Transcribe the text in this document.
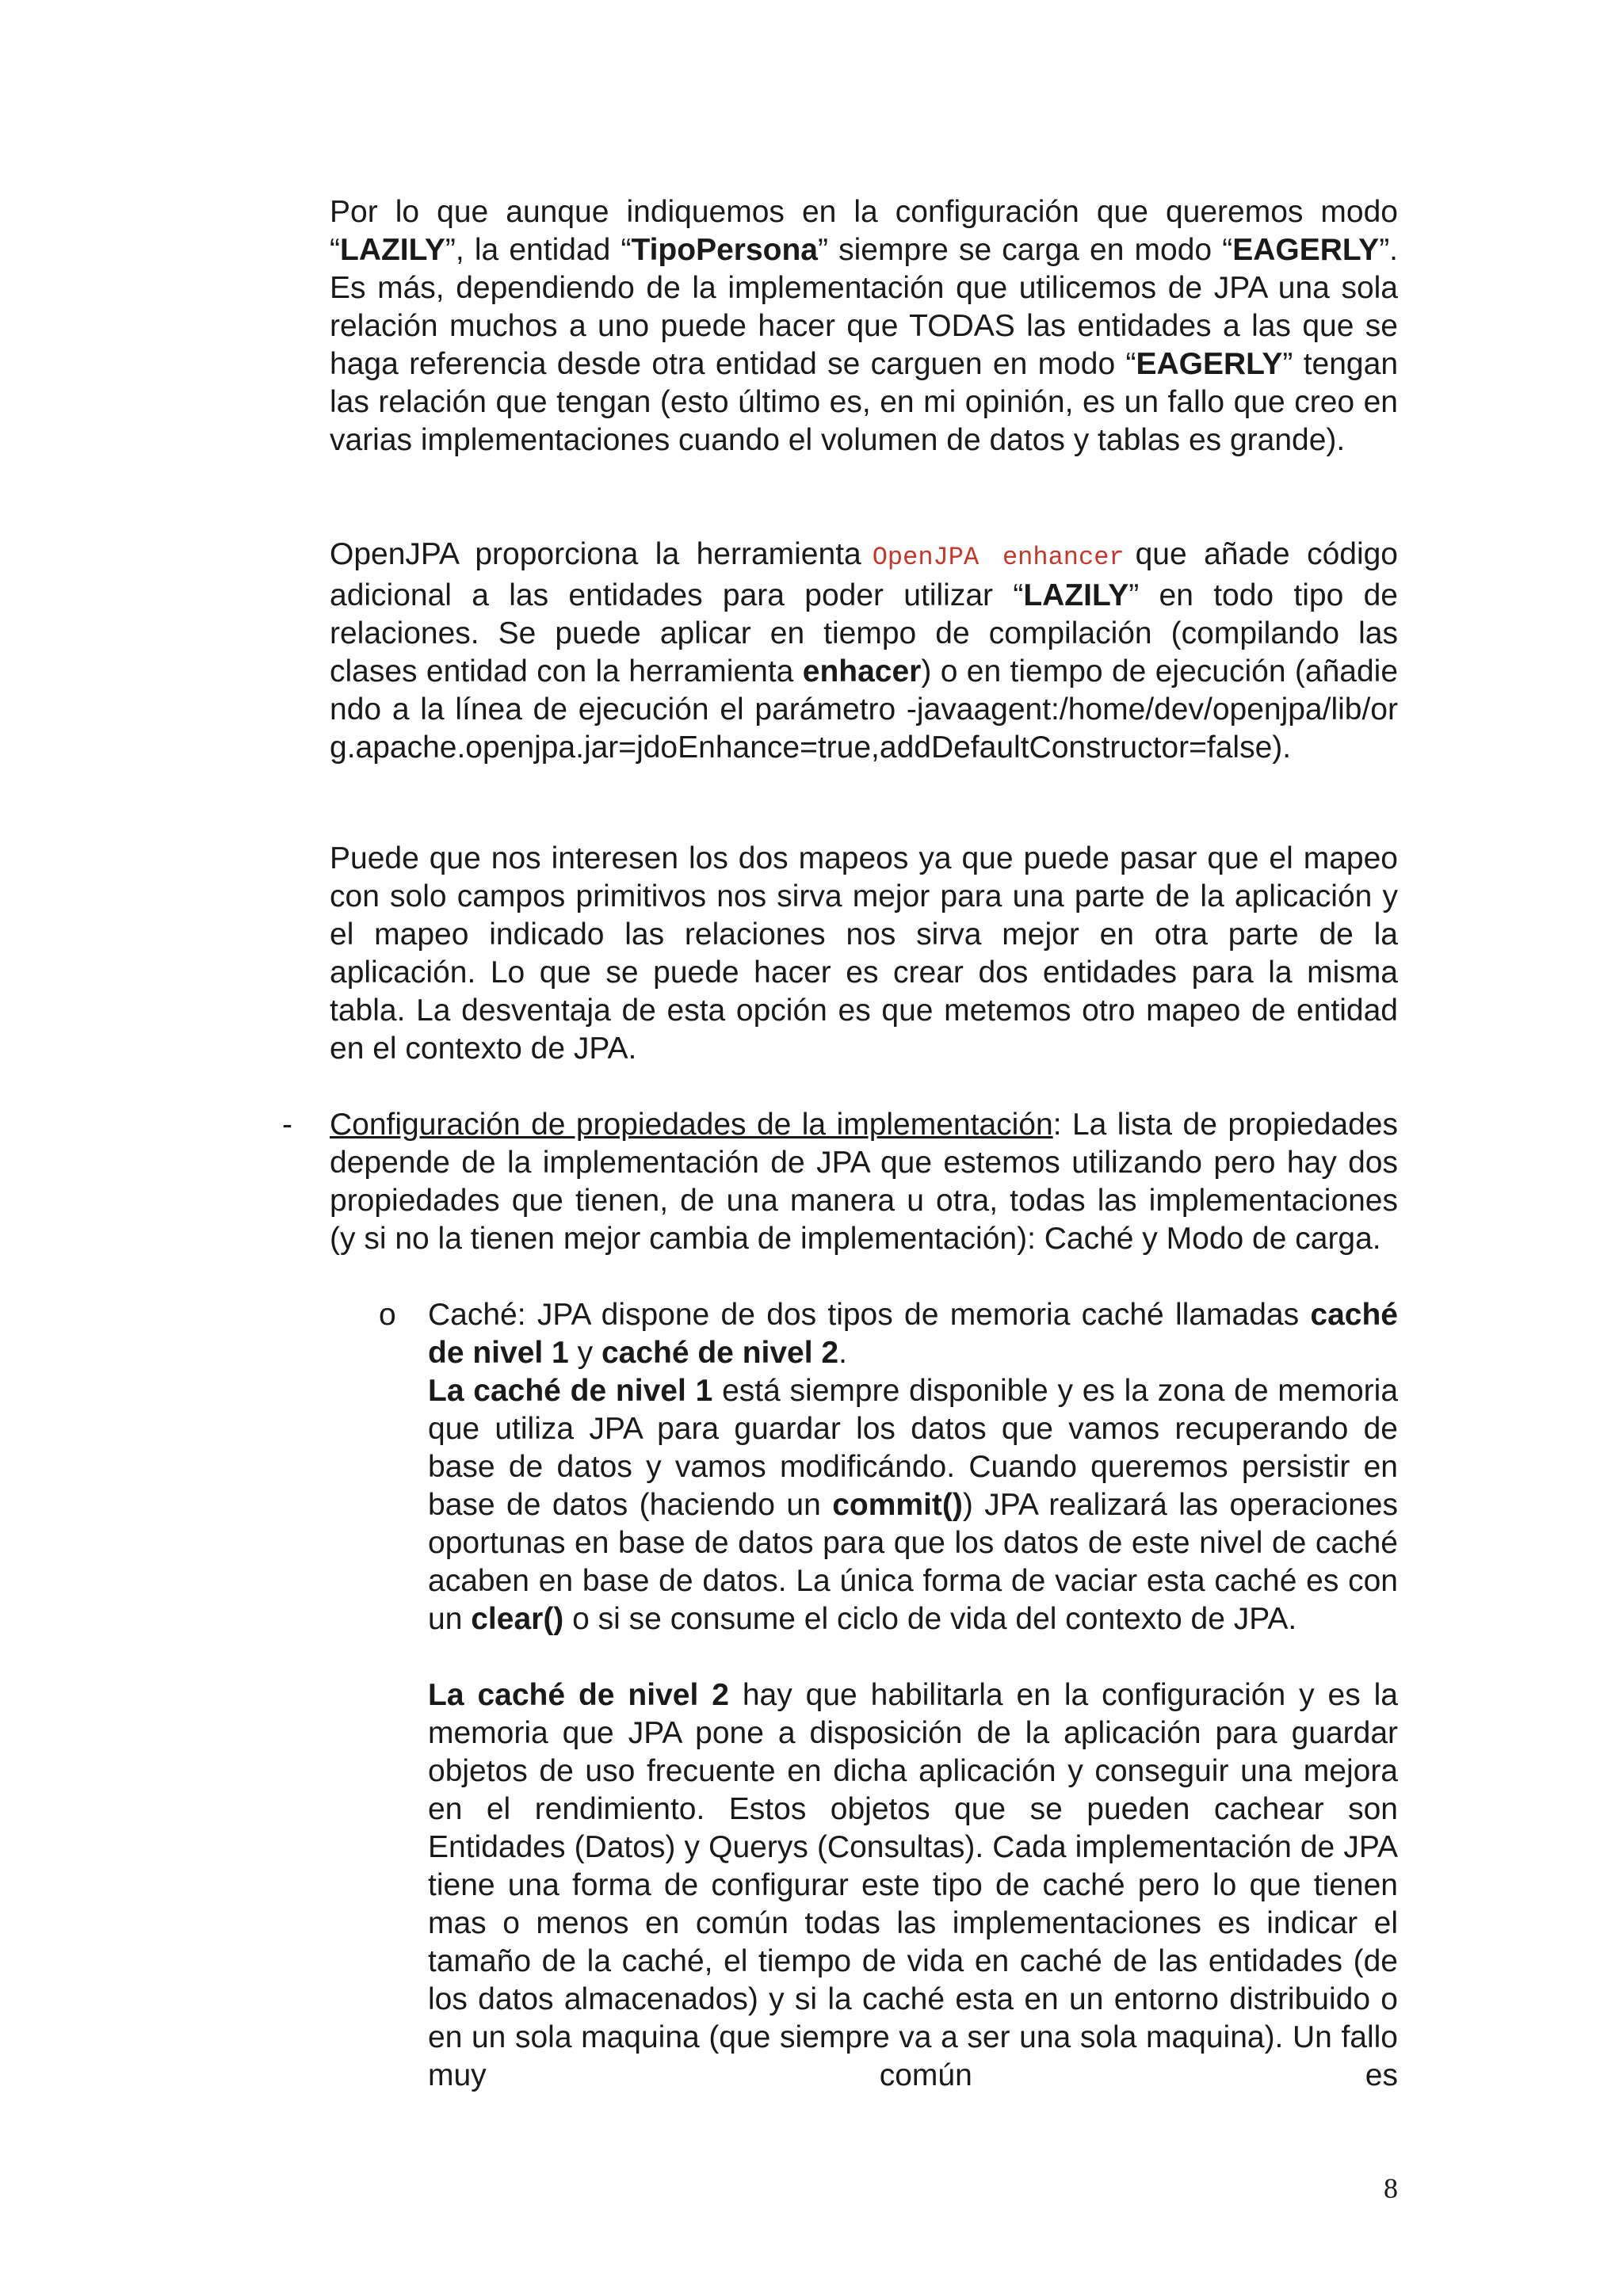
Por lo que aunque indiquemos en la configuración que queremos modo “LAZILY”, la entidad “TipoPersona” siempre se carga en modo “EAGERLY”. Es más, dependiendo de la implementación que utilicemos de JPA una sola relación muchos a uno puede hacer que TODAS las entidades a las que se haga referencia desde otra entidad se carguen en modo “EAGERLY” tengan las relación que tengan (esto último es, en mi opinión, es un fallo que creo en varias implementaciones cuando el volumen de datos y tablas es grande).

OpenJPA proporciona la herramienta OpenJPA enhancer que añade código adicional a las entidades para poder utilizar “LAZILY” en todo tipo de relaciones. Se puede aplicar en tiempo de compilación (compilando las clases entidad con la herramienta enhacer) o en tiempo de ejecución (añadiendo a la línea de ejecución el parámetro -javaagent:/home/dev/openjpa/lib/org.apache.openjpa.jar=jdoEnhance=true,addDefaultConstructor=false).

Puede que nos interesen los dos mapeos ya que puede pasar que el mapeo con solo campos primitivos nos sirva mejor para una parte de la aplicación y el mapeo indicado las relaciones nos sirva mejor en otra parte de la aplicación. Lo que se puede hacer es crear dos entidades para la misma tabla. La desventaja de esta opción es que metemos otro mapeo de entidad en el contexto de JPA.

- Configuración de propiedades de la implementación: La lista de propiedades depende de la implementación de JPA que estemos utilizando pero hay dos propiedades que tienen, de una manera u otra, todas las implementaciones (y si no la tienen mejor cambia de implementación): Caché y Modo de carga.

o Caché: JPA dispone de dos tipos de memoria caché llamadas caché de nivel 1 y caché de nivel 2.

La caché de nivel 1 está siempre disponible y es la zona de memoria que utiliza JPA para guardar los datos que vamos recuperando de base de datos y vamos modificándo. Cuando queremos persistir en base de datos (haciendo un commit()) JPA realizará las operaciones oportunas en base de datos para que los datos de este nivel de caché acaben en base de datos. La única forma de vaciar esta caché es con un clear() o si se consume el ciclo de vida del contexto de JPA.

La caché de nivel 2 hay que habilitarla en la configuración y es la memoria que JPA pone a disposición de la aplicación para guardar objetos de uso frecuente en dicha aplicación y conseguir una mejora en el rendimiento. Estos objetos que se pueden cachear son Entidades (Datos) y Querys (Consultas). Cada implementación de JPA tiene una forma de configurar este tipo de caché pero lo que tienen mas o menos en común todas las implementaciones es indicar el tamaño de la caché, el tiempo de vida en caché de las entidades (de los datos almacenados) y si la caché esta en un entorno distribuido o en un sola maquina (que siempre va a ser una sola maquina). Un fallo muy común es

8
